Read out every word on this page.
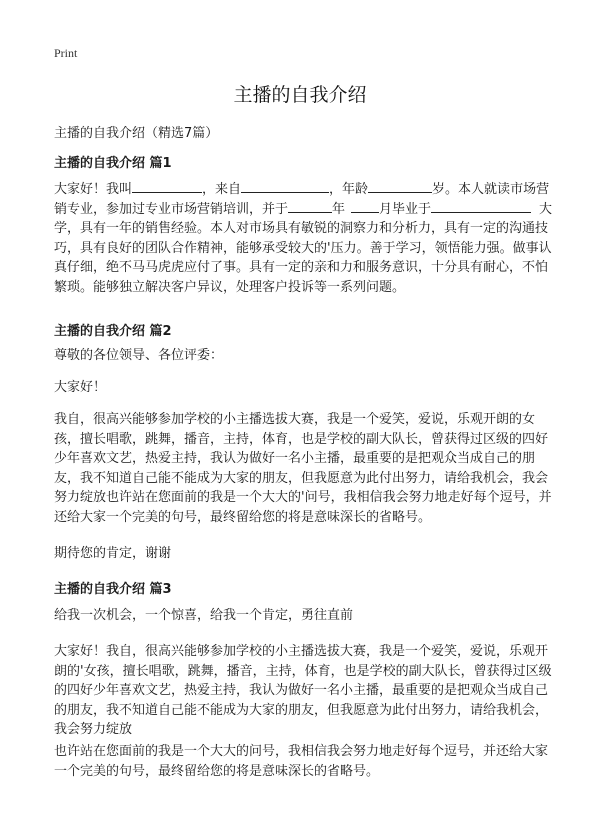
Print
主播的自我介绍
主播的自我介绍（精选7篇）
主播的自我介绍 篇1
大家好！我叫	，来自	，年龄	岁。本人就读市场营销专业，参加过专业市场营销培训，并于	年	月毕业于	大学，具有一年的销售经验。本人对市场具有敏锐的洞察力和分析力，具有一定的沟通技巧，具有良好的团队合作精神，能够承受较大的'压力。善于学习，领悟能力强。做事认真仔细，绝不马马虎虎应付了事。具有一定的亲和力和服务意识，十分具有耐心，不怕繁琐。能够独立解决客户异议，处理客户投诉等一系列问题。
主播的自我介绍 篇2
尊敬的各位领导、各位评委：
大家好！
我自，很高兴能够参加学校的小主播选拔大赛，我是一个爱笑，爱说，乐观开朗的女孩，擅长唱歌，跳舞，播音，主持，体育，也是学校的副大队长，曾获得过区级的四好少年喜欢文艺，热爱主持，我认为做好一名小主播，最重要的是把观众当成自己的朋友，我不知道自己能不能成为大家的朋友，但我愿意为此付出努力，请给我机会，我会努力绽放也许站在您面前的我是一个大大的'问号，我相信我会努力地走好每个逗号，并还给大家一个完美的句号，最终留给您的将是意味深长的省略号。
期待您的肯定，谢谢
主播的自我介绍 篇3
给我一次机会，一个惊喜，给我一个肯定，勇往直前
大家好！我自，很高兴能够参加学校的小主播选拔大赛，我是一个爱笑，爱说，乐观开朗的'女孩，擅长唱歌，跳舞，播音，主持，体育，也是学校的副大队长，曾获得过区级的四好少年喜欢文艺，热爱主持，我认为做好一名小主播，最重要的是把观众当成自己的朋友，我不知道自己能不能成为大家的朋友，但我愿意为此付出努力，请给我机会，我会努力绽放
也许站在您面前的我是一个大大的问号，我相信我会努力地走好每个逗号，并还给大家一个完美的句号，最终留给您的将是意味深长的省略号。
